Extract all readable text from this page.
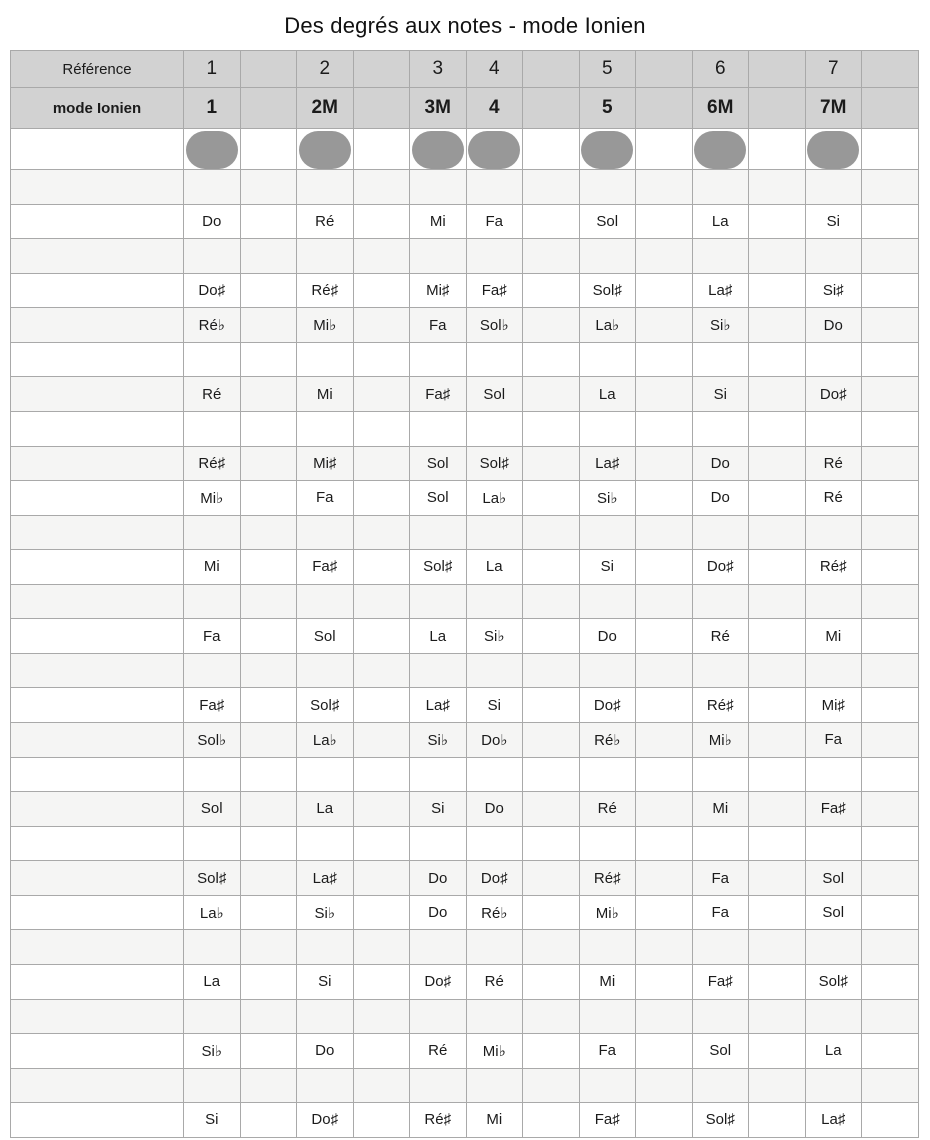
Des degrés aux notes - mode Ionien
Référence	1		2		3	4		5		6		7	
mode Ionien	1		2M		3M	4		5		6M		7M	

	Do		Ré		Mi	Fa		Sol		La		Si	

	Do♯		Ré♯		Mi♯	Fa♯		Sol♯		La♯		Si♯	
	Ré♭		Mi♭		Fa	Sol♭		La♭		Si♭		Do	

	Ré		Mi		Fa♯	Sol		La		Si		Do♯	

	Ré♯		Mi♯		Sol	Sol♯		La♯		Do		Ré	
	Mi♭		Fa		Sol	La♭		Si♭		Do		Ré	

	Mi		Fa♯		Sol♯	La		Si		Do♯		Ré♯	

	Fa		Sol		La	Si♭		Do		Ré		Mi	

	Fa♯		Sol♯		La♯	Si		Do♯		Ré♯		Mi♯	
	Sol♭		La♭		Si♭	Do♭		Ré♭		Mi♭		Fa	

	Sol		La		Si	Do		Ré		Mi		Fa♯	

	Sol♯		La♯		Do	Do♯		Ré♯		Fa		Sol	
	La♭		Si♭		Do	Ré♭		Mi♭		Fa		Sol	

	La		Si		Do♯	Ré		Mi		Fa♯		Sol♯	

	Si♭		Do		Ré	Mi♭		Fa		Sol		La	

	Si		Do♯		Ré♯	Mi		Fa♯		Sol♯		La♯	
